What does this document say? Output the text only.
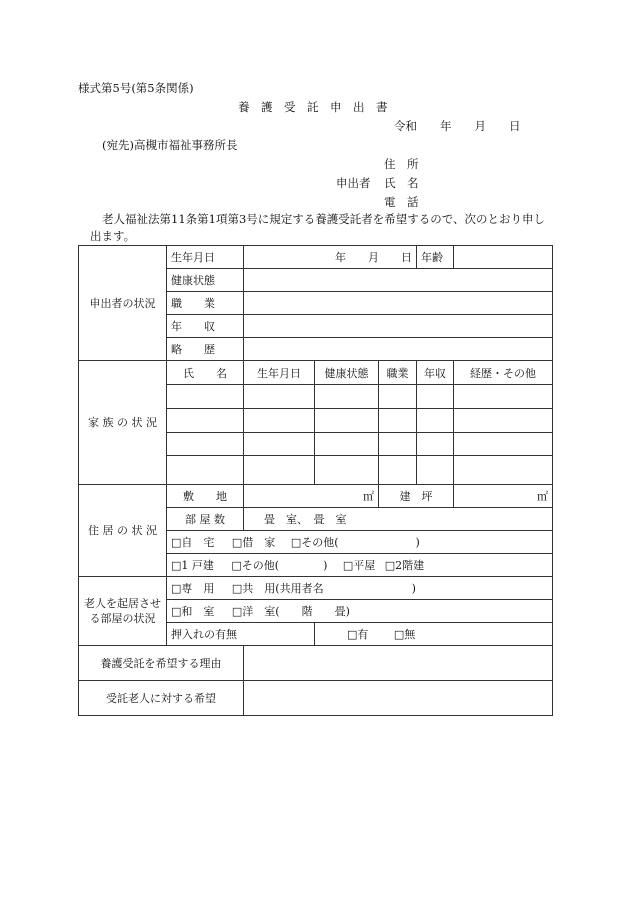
様式第5号(第5条関係)
養　護　受　託　申　出　書
令和　　年　　月　　日
(宛先)高槻市福祉事務所長
住　所
申出者 氏　名
電　話
老人福祉法第11条第1項第3号に規定する養護受託者を希望するので、次のとおり申し
出ます。
申出者の状況	生年月日	年　　月　　日			年齢	
	健康状態					
	職　　業					
	年　　収					
	略　　歴					
家 族 の 状 況	氏　　名	生年月日	健康状態	職業	年収	経歴・その他

住 居 の 状 況	敷　　地	㎡		建　坪		㎡
	部 屋 数	畳　室、　畳　室				
	□自　宅 □借　家 □その他(　　　　　　　)					
	□1 戸建 □その他(　　　　) □平屋 □2階建					
老人を起居させる部屋の状況	□専　用 □共　用(共用者名　　　　　　　　)					
	□和　室 □洋　室(　　階　　畳)					
	押入れの有無		□有 □無			
養護受託を希望する理由						
受託老人に対する希望						
